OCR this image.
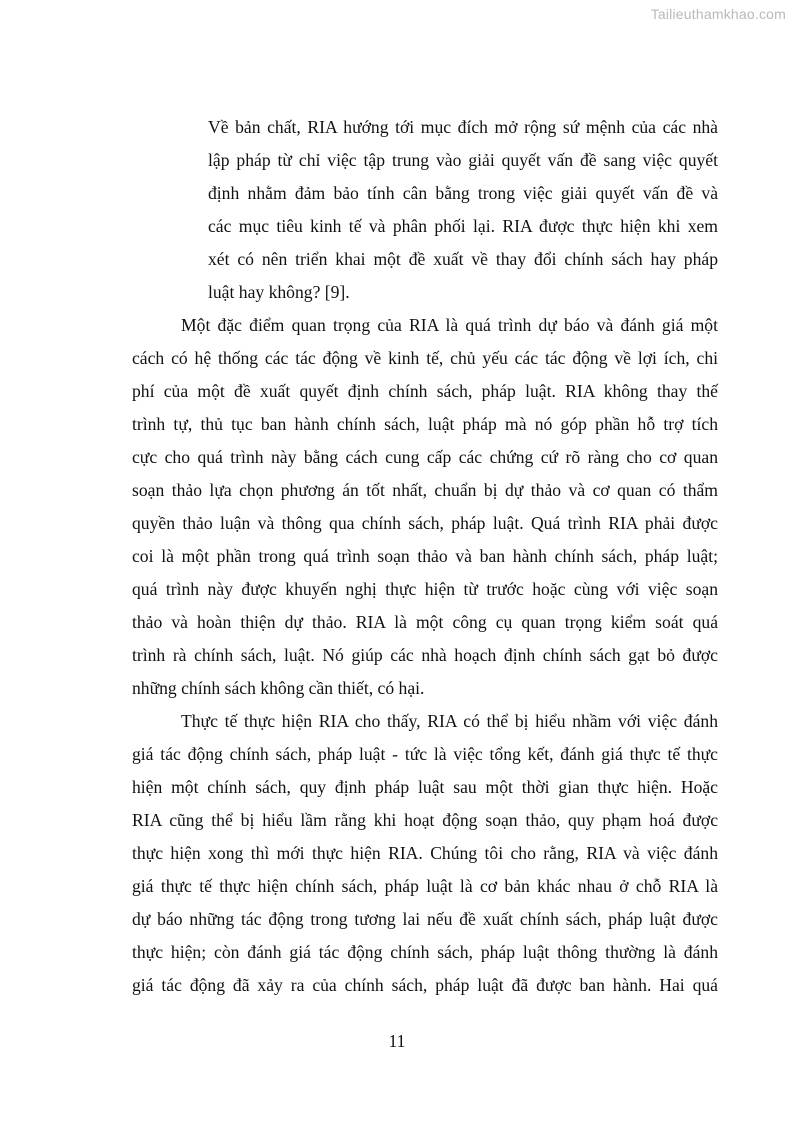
Tailieuthamkhao.com
Về bản chất, RIA hướng tới mục đích mở rộng sứ mệnh của các nhà
lập pháp từ chỉ việc tập trung vào giải quyết vấn đề sang việc quyết
định nhằm đảm bảo tính cân bằng trong việc giải quyết vấn đề và
các mục tiêu kinh tế và phân phối lại. RIA được thực hiện khi xem
xét có nên triển khai một đề xuất về thay đổi chính sách hay pháp
luật hay không? [9].
Một đặc điểm quan trọng của RIA là quá trình dự báo và đánh giá một
cách có hệ thống các tác động về kinh tế, chủ yếu các tác động về lợi ích, chi
phí của một đề xuất quyết định chính sách, pháp luật. RIA không thay thế
trình tự, thủ tục ban hành chính sách, luật pháp mà nó góp phần hỗ trợ tích
cực cho quá trình này bằng cách cung cấp các chứng cứ rõ ràng cho cơ quan
soạn thảo lựa chọn phương án tốt nhất, chuẩn bị dự thảo và cơ quan có thẩm
quyền thảo luận và thông qua chính sách, pháp luật. Quá trình RIA phải được
coi là một phần trong quá trình soạn thảo và ban hành chính sách, pháp luật;
quá trình này được khuyến nghị thực hiện từ trước hoặc cùng với việc soạn
thảo và hoàn thiện dự thảo. RIA là một công cụ quan trọng kiểm soát quá
trình rà chính sách, luật. Nó giúp các nhà hoạch định chính sách gạt bỏ được
những chính sách không cần thiết, có hại.
Thực tế thực hiện RIA cho thấy, RIA có thể bị hiểu nhầm với việc đánh
giá tác động chính sách, pháp luật - tức là việc tổng kết, đánh giá thực tế thực
hiện một chính sách, quy định pháp luật sau một thời gian thực hiện. Hoặc
RIA cũng thể bị hiểu lầm rằng khi hoạt động soạn thảo, quy phạm hoá được
thực hiện xong thì mới thực hiện RIA. Chúng tôi cho rằng, RIA và việc đánh
giá thực tế thực hiện chính sách, pháp luật là cơ bản khác nhau ở chỗ RIA là
dự báo những tác động trong tương lai nếu đề xuất chính sách, pháp luật được
thực hiện; còn đánh giá tác động chính sách, pháp luật thông thường là đánh
giá tác động đã xảy ra của chính sách, pháp luật đã được ban hành. Hai quá
11
